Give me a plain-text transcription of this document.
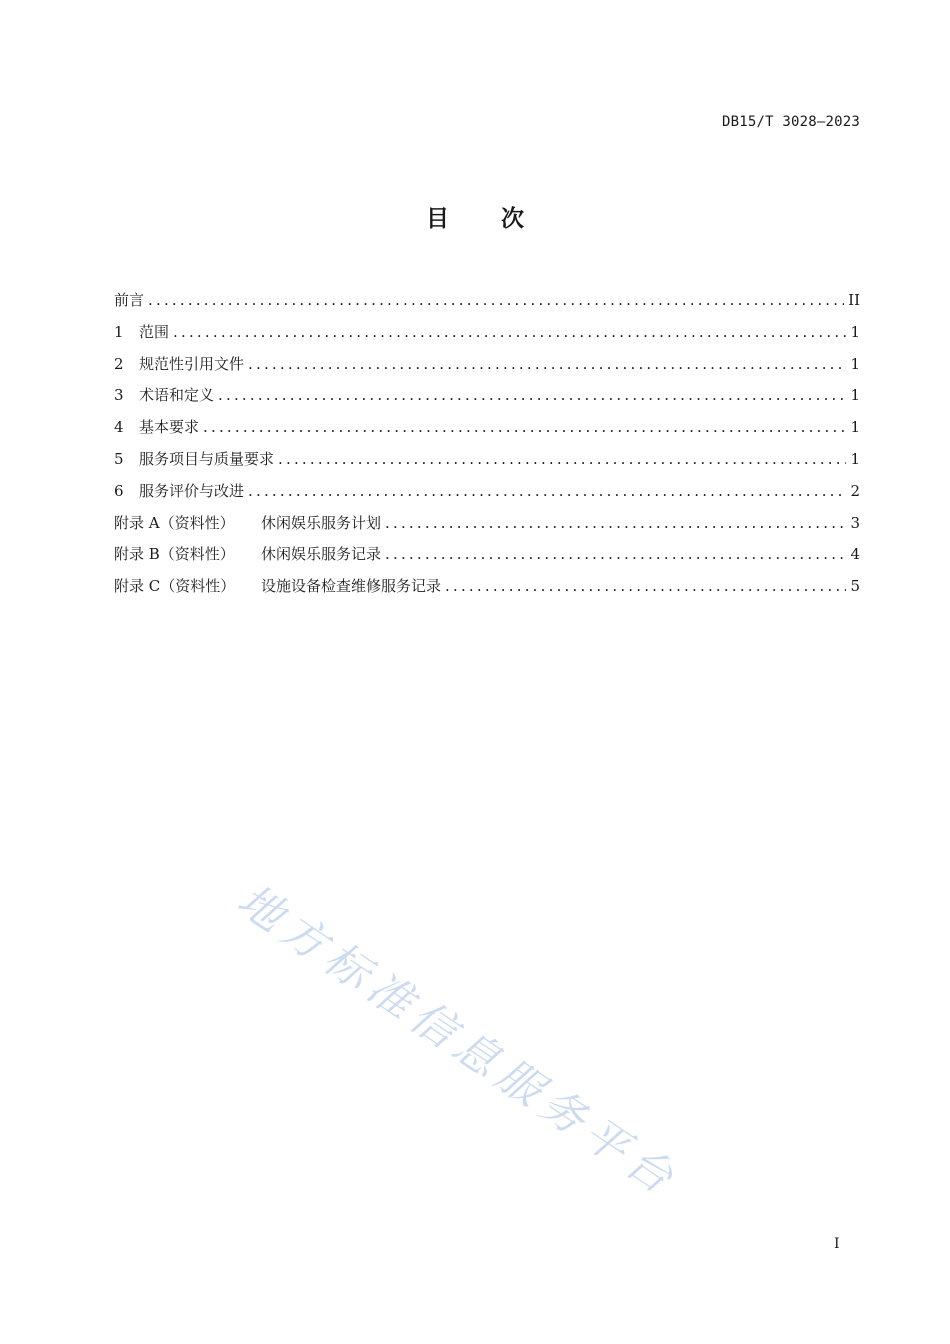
DB15/T 3028—2023
目 次
前言 .....	II
1	范围 .....	1
2	规范性引用文件 .....	1
3	术语和定义 .....	1
4	基本要求 .....	1
5	服务项目与质量要求 .....	1
6	服务评价与改进 .....	2
附录 A（资料性）	休闲娱乐服务计划 .....	3
附录 B（资料性）	休闲娱乐服务记录 .....	4
附录 C（资料性）	设施设备检查维修服务记录 .....	5
地方标准信息服务平台
I
